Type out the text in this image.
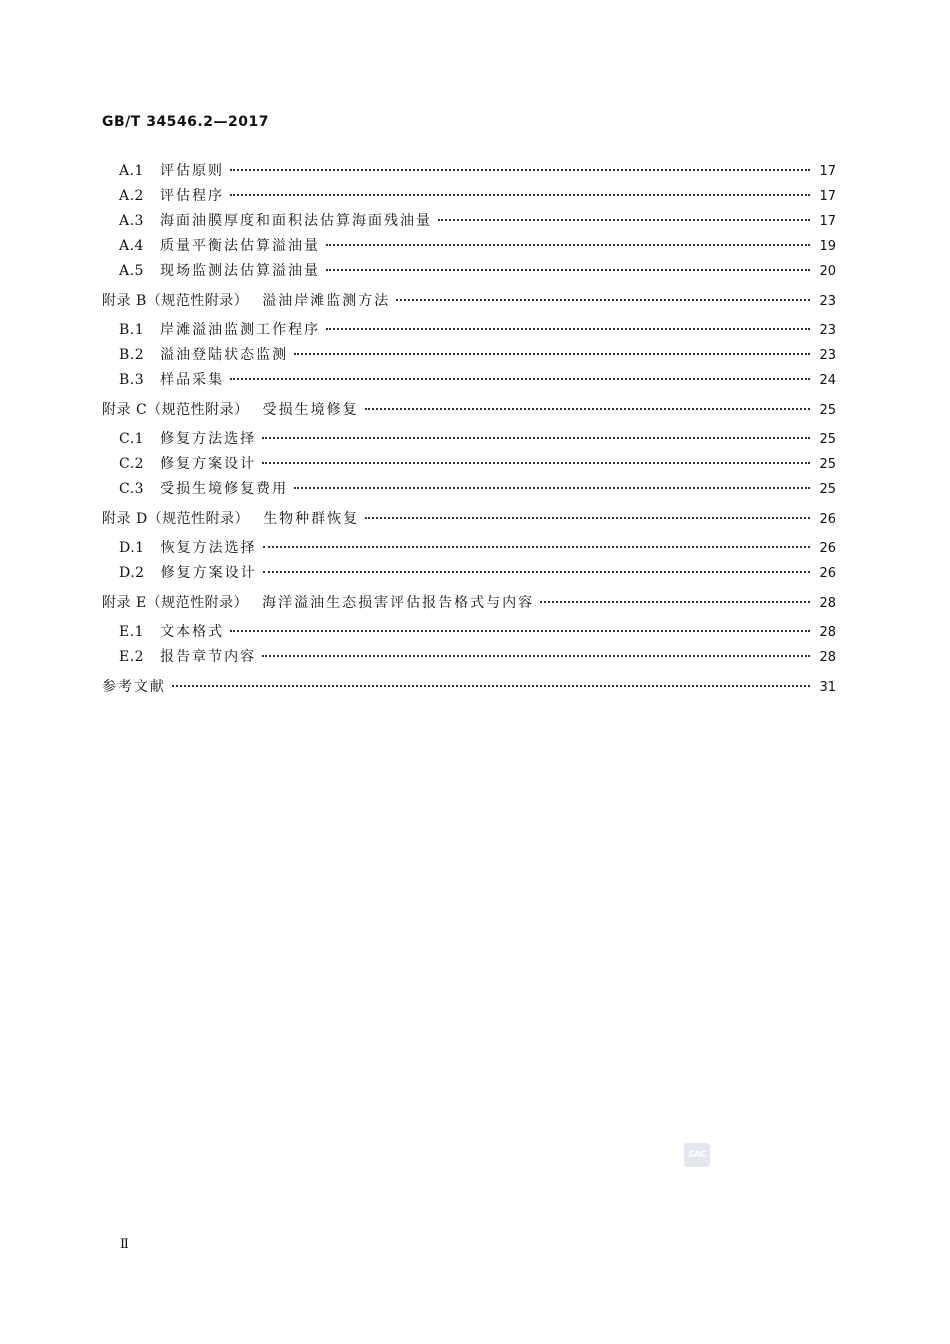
GB/T 34546.2—2017
A.1 评估原则	17
A.2 评估程序	17
A.3 海面油膜厚度和面积法估算海面残油量	17
A.4 质量平衡法估算溢油量	19
A.5 现场监测法估算溢油量	20
附录 B（规范性附录） 溢油岸滩监测方法	23
B.1 岸滩溢油监测工作程序	23
B.2 溢油登陆状态监测	23
B.3 样品采集	24
附录 C（规范性附录） 受损生境修复	25
C.1 修复方法选择	25
C.2 修复方案设计	25
C.3 受损生境修复费用	25
附录 D（规范性附录） 生物种群恢复	26
D.1 恢复方法选择	26
D.2 修复方案设计	26
附录 E（规范性附录） 海洋溢油生态损害评估报告格式与内容	28
E.1 文本格式	28
E.2 报告章节内容	28
参考文献	31
SAC
Ⅱ
